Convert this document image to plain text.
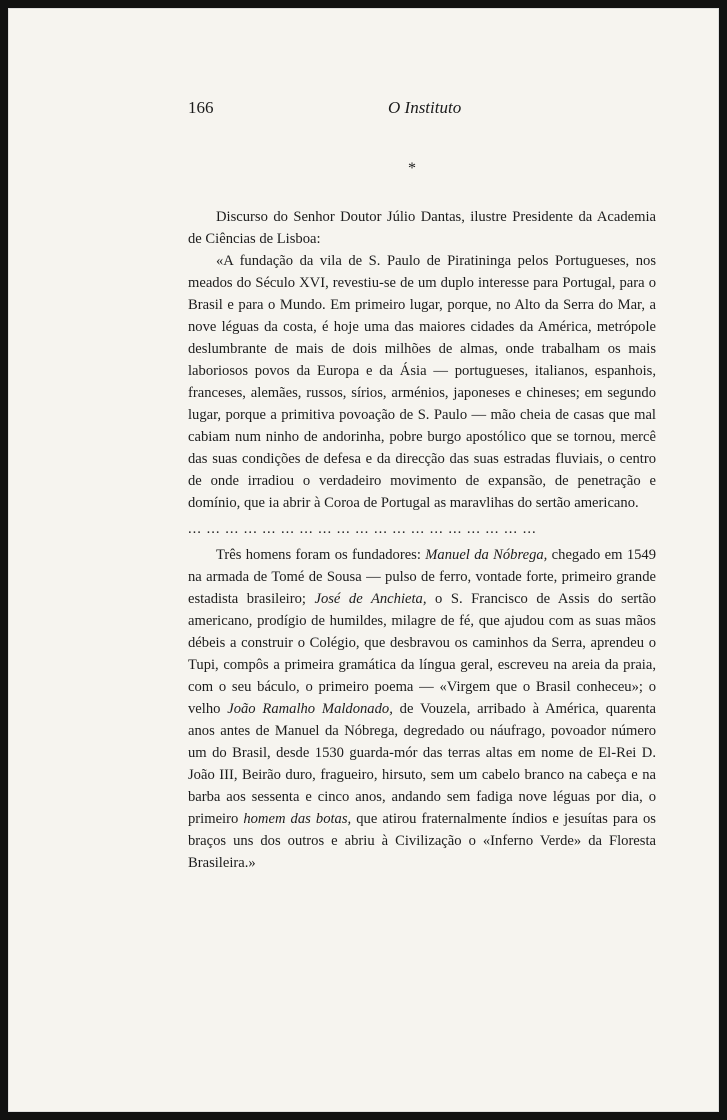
166	O Instituto
*

Discurso do Senhor Doutor Júlio Dantas, ilustre Presidente da Academia de Ciências de Lisboa:

«A fundação da vila de S. Paulo de Piratininga pelos Portugueses, nos meados do Século XVI, revestiu-se de um duplo interesse para Portugal, para o Brasil e para o Mundo. Em primeiro lugar, porque, no Alto da Serra do Mar, a nove léguas da costa, é hoje uma das maiores cidades da América, metrópole deslumbrante de mais de dois milhões de almas, onde trabalham os mais laboriosos povos da Europa e da Ásia — portugueses, italianos, espanhois, franceses, alemães, russos, sírios, arménios, japoneses e chineses; em segundo lugar, porque a primitiva povoação de S. Paulo — mão cheia de casas que mal cabiam num ninho de andorinha, pobre burgo apostólico que se tornou, mercê das suas condições de defesa e da direcção das suas estradas fluviais, o centro de onde irradiou o verdadeiro movimento de expansão, de penetração e domínio, que ia abrir à Coroa de Portugal as maravlihas do sertão americano.

... ... ... ... ... ... ... ... ... ... ... ... ... ... ... ... ... ... ...

Três homens foram os fundadores: Manuel da Nóbrega, chegado em 1549 na armada de Tomé de Sousa — pulso de ferro, vontade forte, primeiro grande estadista brasileiro; José de Anchieta, o S. Francisco de Assis do sertão americano, prodígio de humildes, milagre de fé, que ajudou com as suas mãos débeis a construir o Colégio, que desbravou os caminhos da Serra, aprendeu o Tupi, compôs a primeira gramática da língua geral, escreveu na areia da praia, com o seu báculo, o primeiro poema — «Virgem que o Brasil conheceu»; o velho João Ramalho Maldonado, de Vouzela, arribado à América, quarenta anos antes de Manuel da Nóbrega, degredado ou náufrago, povoador número um do Brasil, desde 1530 guarda-mór das terras altas em nome de El-Rei D. João III, Beirão duro, fragueiro, hirsuto, sem um cabelo branco na cabeça e na barba aos sessenta e cinco anos, andando sem fadiga nove léguas por dia, o primeiro homem das botas, que atirou fraternalmente índios e jesuítas para os braços uns dos outros e abriu à Civilização o «Inferno Verde» da Floresta Brasileira.»
